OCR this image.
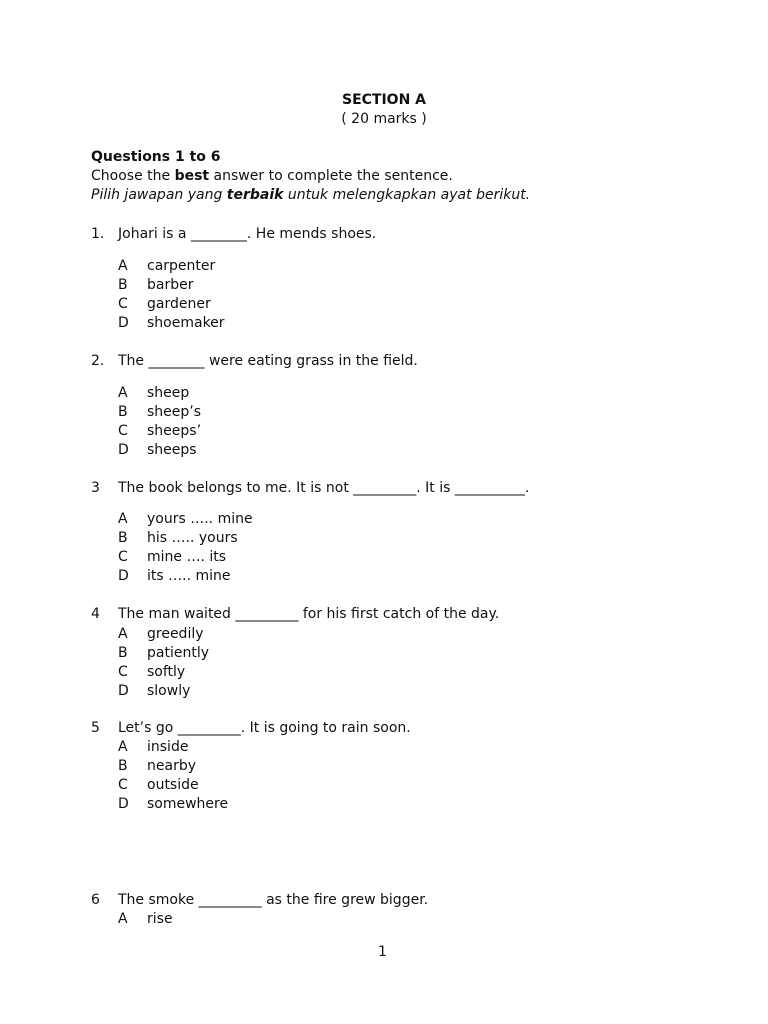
SECTION A
( 20 marks )
Questions 1 to 6
Choose the best answer to complete the sentence.
Pilih jawapan yang terbaik untuk melengkapkan ayat berikut.
1. Johari is a ________. He mends shoes.
A carpenter
B barber
C gardener
D shoemaker
2. The ________ were eating grass in the field.
A sheep
B sheep’s
C sheeps’
D sheeps
3 The book belongs to me. It is not _________. It is __________.
A yours ….. mine
B his ….. yours
C mine …. its
D its ….. mine
4 The man waited _________ for his first catch of the day.
A greedily
B patiently
C softly
D slowly
5 Let’s go _________. It is going to rain soon.
A inside
B nearby
C outside
D somewhere
6 The smoke _________ as the fire grew bigger.
A rise
1
